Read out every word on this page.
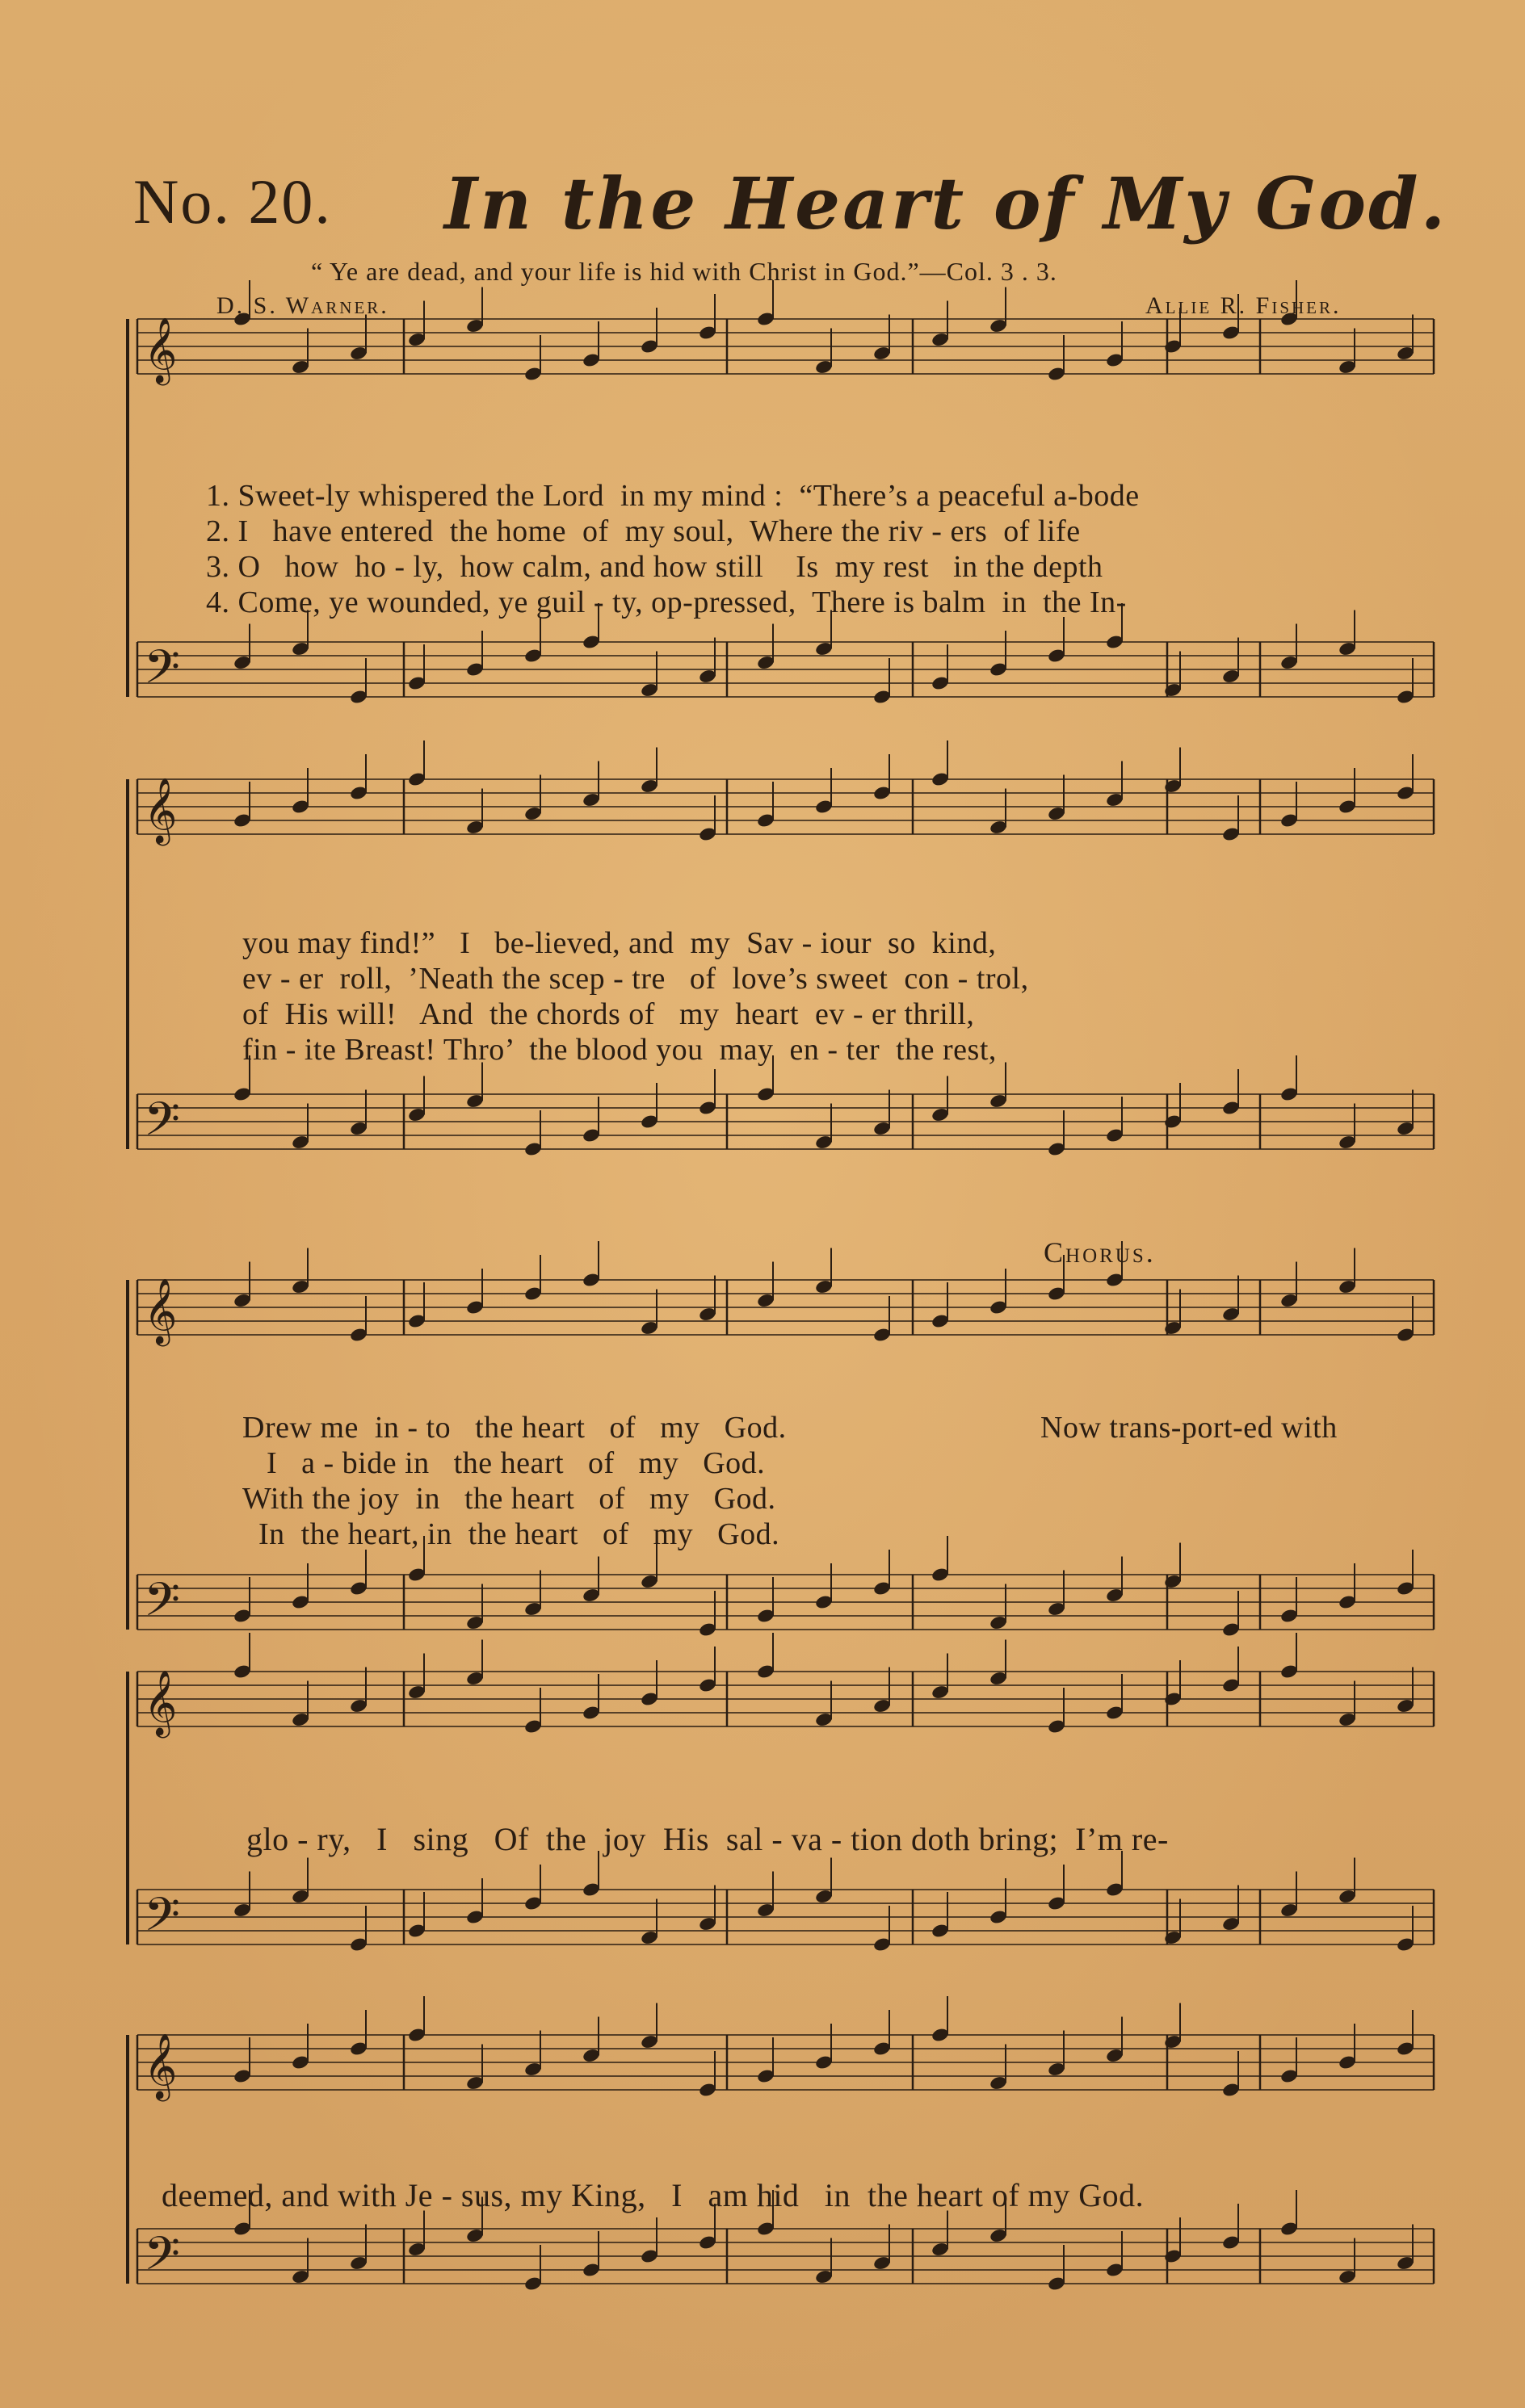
𝄞
𝄢
𝄞
𝄢
𝄞
𝄢
𝄞
𝄢
𝄞
𝄢
No. 20. In the Heart of My God.
“ Ye are dead, and your life is hid with Christ in God.”—Col. 3 . 3.
D. S. Warner.	Allie R. Fisher.
1. Sweet-ly whispered the Lord  in my mind :  “There’s a peaceful a-bode
2. I   have entered  the home  of  my soul,  Where the riv - ers  of life
3. O   how  ho - ly,  how calm, and how still    Is  my rest   in the depth
4. Come, ye wounded, ye guil - ty, op-pressed,  There is balm  in  the In-
you may find!”   I   be-lieved, and  my  Sav - iour  so  kind,
ev - er  roll,  ’Neath the scep - tre   of  love’s sweet  con - trol,
of  His will!   And  the chords of   my  heart  ev - er thrill,
fin - ite Breast! Thro’  the blood you  may  en - ter  the rest,
Chorus.
Drew me  in - to   the heart   of   my   God.
I   a - bide in   the heart   of   my   God.
With the joy  in   the heart   of   my   God.
In  the heart, in  the heart   of   my   God.
Now trans-port-ed with
glo - ry,   I   sing   Of  the  joy  His  sal - va - tion doth bring;  I’m re-
deemed, and with Je - sus, my King,   I   am hid   in  the heart of my God.
